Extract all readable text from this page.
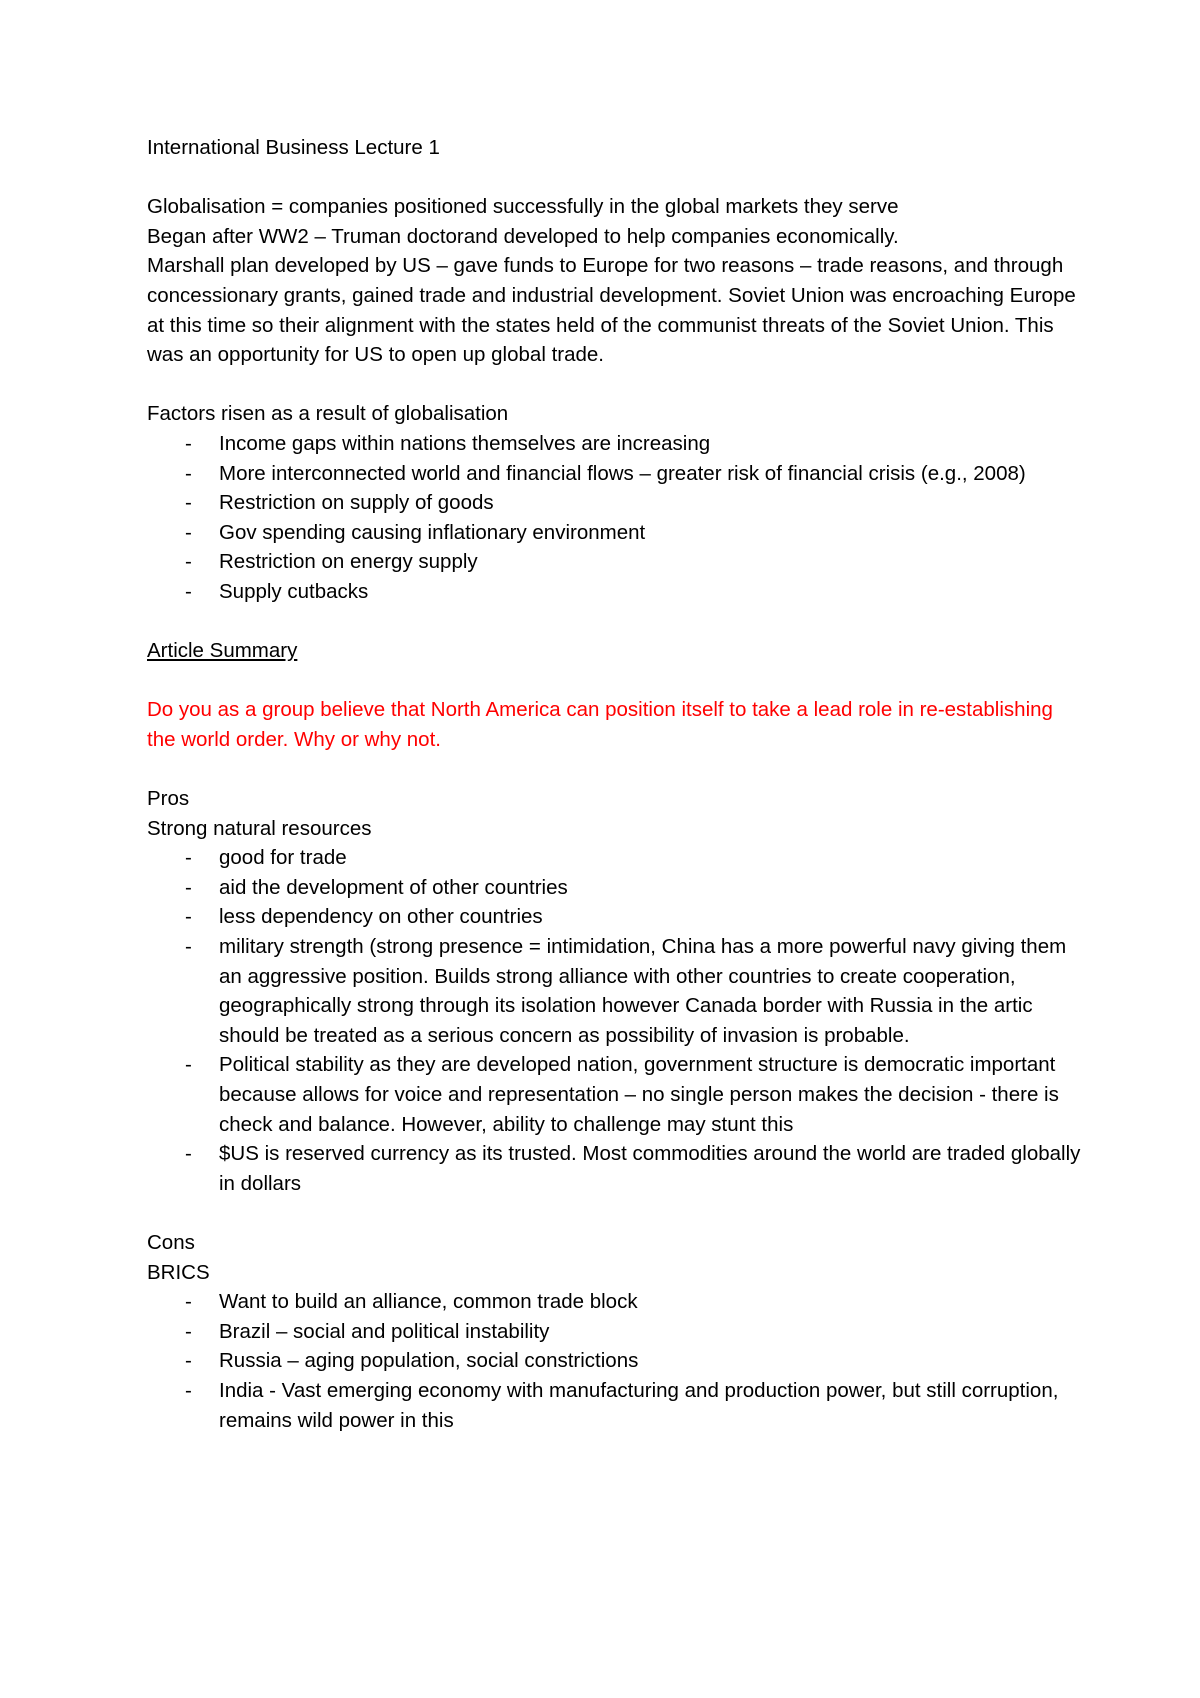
International Business Lecture 1

Globalisation = companies positioned successfully in the global markets they serve

Began after WW2 – Truman doctorand developed to help companies economically.

Marshall plan developed by US – gave funds to Europe for two reasons – trade reasons, and through concessionary grants, gained trade and industrial development. Soviet Union was encroaching Europe at this time so their alignment with the states held of the communist threats of the Soviet Union. This was an opportunity for US to open up global trade.

Factors risen as a result of globalisation

- Income gaps within nations themselves are increasing
- More interconnected world and financial flows – greater risk of financial crisis (e.g., 2008)
- Restriction on supply of goods
- Gov spending causing inflationary environment
- Restriction on energy supply
- Supply cutbacks

Article Summary

Do you as a group believe that North America can position itself to take a lead role in re-establishing the world order. Why or why not.

Pros

Strong natural resources

- good for trade
- aid the development of other countries
- less dependency on other countries
- military strength (strong presence = intimidation, China has a more powerful navy giving them an aggressive position. Builds strong alliance with other countries to create cooperation, geographically strong through its isolation however Canada border with Russia in the artic should be treated as a serious concern as possibility of invasion is probable.
- Political stability as they are developed nation, government structure is democratic important because allows for voice and representation – no single person makes the decision - there is check and balance. However, ability to challenge may stunt this
- $US is reserved currency as its trusted. Most commodities around the world are traded globally in dollars

Cons

BRICS

- Want to build an alliance, common trade block
- Brazil – social and political instability
- Russia – aging population, social constrictions
- India - Vast emerging economy with manufacturing and production power, but still corruption, remains wild power in this
